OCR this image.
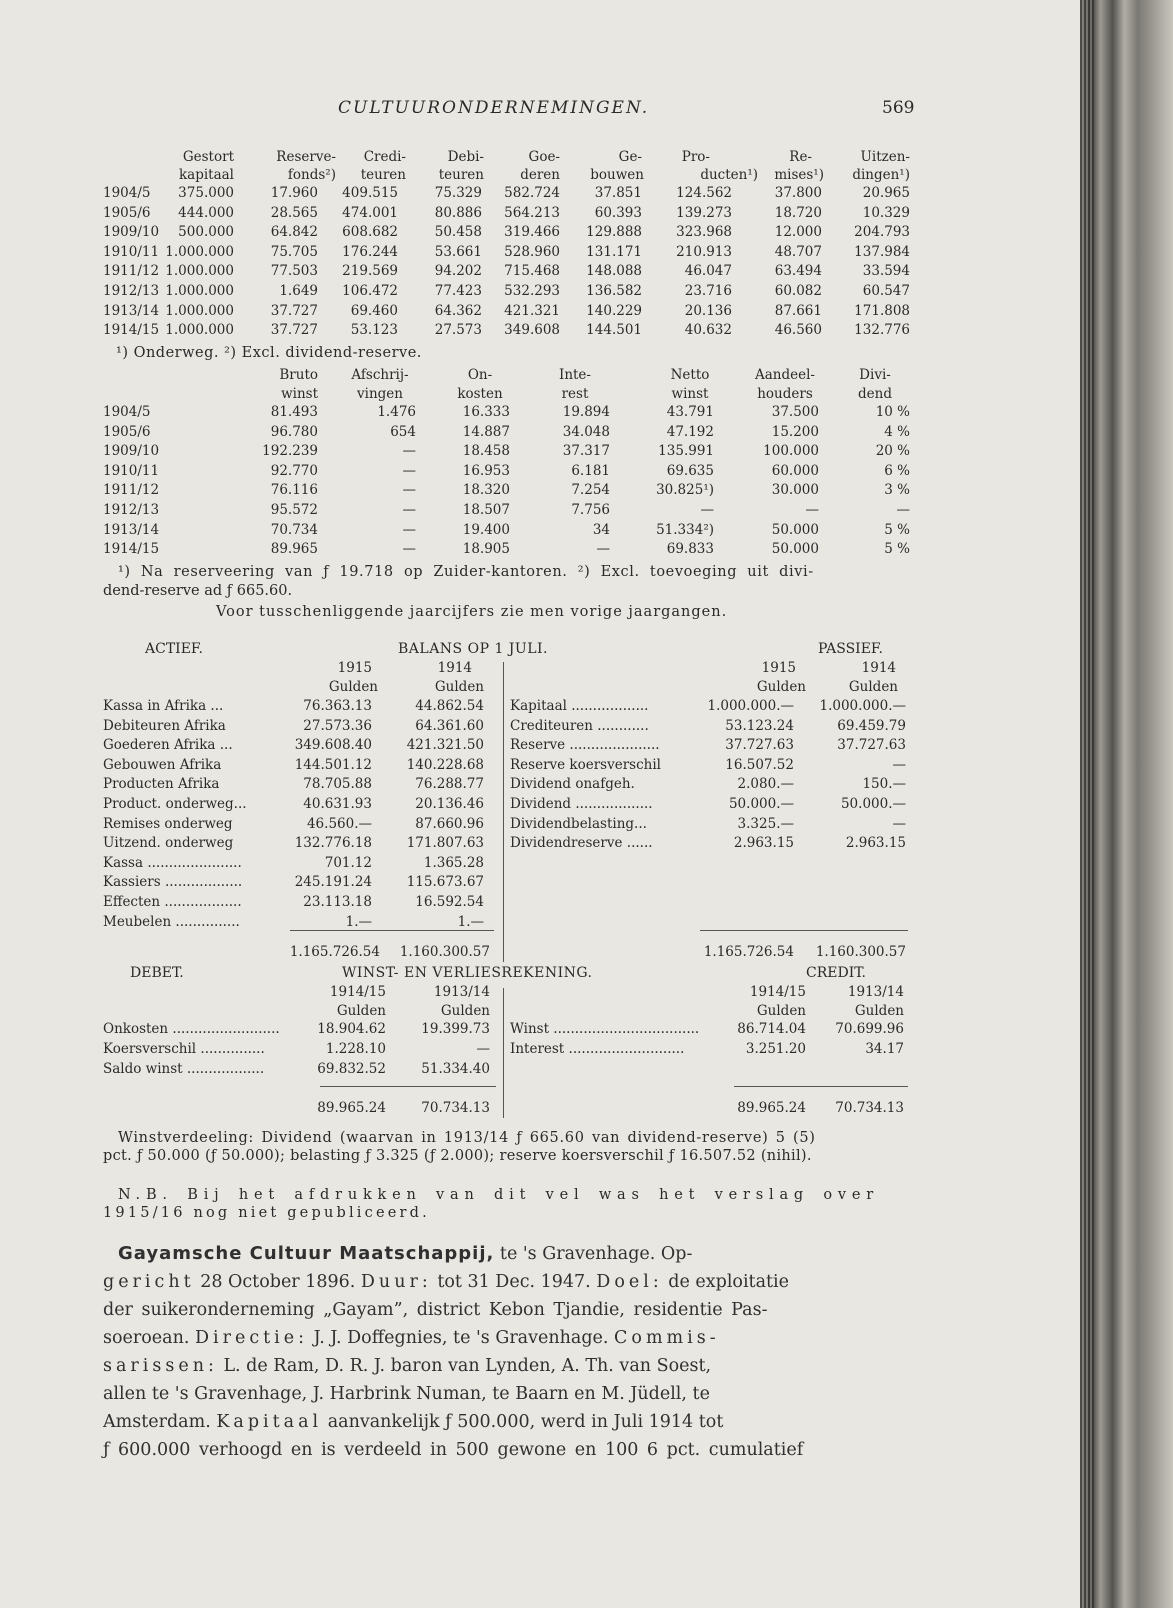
CULTUURONDERNEMINGEN.	569
Gestort	Reserve-	Credi-	Debi-	Goe-	Ge-	Pro-	Re-	Uitzen-
kapitaal	fonds²)	teuren	teuren	deren	bouwen	ducten¹)	mises¹)	dingen¹)
1904/5	375.000	17.960	409.515	75.329	582.724	37.851	124.562	37.800	20.965
1905/6	444.000	28.565	474.001	80.886	564.213	60.393	139.273	18.720	10.329
1909/10	500.000	64.842	608.682	50.458	319.466	129.888	323.968	12.000	204.793
1910/11 1.000.000	75.705	176.244	53.661	528.960	131.171	210.913	48.707	137.984
1911/12 1.000.000	77.503	219.569	94.202	715.468	148.088	46.047	63.494	33.594
1912/13 1.000.000	1.649	106.472	77.423	532.293	136.582	23.716	60.082	60.547
1913/14 1.000.000	37.727	69.460	64.362	421.321	140.229	20.136	87.661	171.808
1914/15 1.000.000	37.727	53.123	27.573	349.608	144.501	40.632	46.560	132.776
¹) Onderweg. ²) Excl. dividend-reserve.
Bruto	Afschrij-	On-	Inte-	Netto	Aandeel-	Divi-
winst	vingen	kosten	rest	winst	houders	dend
1904/5	81.493	1.476	16.333	19.894	43.791	37.500	10 %
1905/6	96.780	654	14.887	34.048	47.192	15.200	4 %
1909/10	192.239	—	18.458	37.317	135.991	100.000	20 %
1910/11	92.770	—	16.953	6.181	69.635	60.000	6 %
1911/12	76.116	—	18.320	7.254	30.825¹)	30.000	3 %
1912/13	95.572	—	18.507	7.756	—	—	—
1913/14	70.734	—	19.400	34	51.334²)	50.000	5 %
1914/15	89.965	—	18.905	—	69.833	50.000	5 %
¹) Na reserveering van ƒ 19.718 op Zuider-kantoren. ²) Excl. toevoeging uit divi-
dend-reserve ad ƒ 665.60.
Voor tusschenliggende jaarcijfers zie men vorige jaargangen.
ACTIEF.	BALANS OP 1 JULI.	PASSIEF.
1915	1914	1915	1914
Gulden	Gulden	Gulden	Gulden
Kassa in Afrika ...	76.363.13	44.862.54
Debiteuren Afrika	27.573.36	64.361.60
Goederen Afrika ...	349.608.40	421.321.50
Gebouwen Afrika	144.501.12	140.228.68
Producten Afrika	78.705.88	76.288.77
Product. onderweg...	40.631.93	20.136.46
Remises onderweg	46.560.—	87.660.96
Uitzend. onderweg	132.776.18	171.807.63
Kassa ......................	701.12	1.365.28
Kassiers ..................	245.191.24	115.673.67
Effecten ..................	23.113.18	16.592.54
Meubelen ...............	1.—	1.—
Kapitaal ..................	1.000.000.—	1.000.000.—
Crediteuren ............	53.123.24	69.459.79
Reserve .....................	37.727.63	37.727.63
Reserve koersverschil	16.507.52	—
Dividend onafgeh.	2.080.—	150.—
Dividend ..................	50.000.—	50.000.—
Dividendbelasting...	3.325.—	—
Dividendreserve ......	2.963.15	2.963.15
1.165.726.54	1.160.300.57	1.165.726.54	1.160.300.57
DEBET.	WINST- EN VERLIESREKENING.	CREDIT.
1914/15	1913/14	1914/15	1913/14
Gulden	Gulden	Gulden	Gulden
Onkosten .........................	18.904.62	19.399.73
Koersverschil ...............	1.228.10	—
Saldo winst ..................	69.832.52	51.334.40
Winst ..................................	86.714.04	70.699.96
Interest ...........................	3.251.20	34.17
89.965.24	70.734.13	89.965.24	70.734.13
Winstverdeeling: Dividend (waarvan in 1913/14 ƒ 665.60 van dividend-reserve) 5 (5)
pct. ƒ 50.000 (ƒ 50.000); belasting ƒ 3.325 (ƒ 2.000); reserve koersverschil ƒ 16.507.52 (nihil).
N.B. Bij het afdrukken van dit vel was het verslag over
1915/16 nog niet gepubliceerd.
Gayamsche Cultuur Maatschappij, te 's Gravenhage. Op-
gericht 28 October 1896. Duur: tot 31 Dec. 1947. Doel: de exploitatie
der suikeronderneming „Gayam”, district Kebon Tjandie, residentie Pas-
soeroean. Directie: J. J. Doffegnies, te 's Gravenhage. Commis-
sarissen: L. de Ram, D. R. J. baron van Lynden, A. Th. van Soest,
allen te 's Gravenhage, J. Harbrink Numan, te Baarn en M. Jüdell, te
Amsterdam. Kapitaal aanvankelijk ƒ 500.000, werd in Juli 1914 tot
ƒ 600.000 verhoogd en is verdeeld in 500 gewone en 100 6 pct. cumulatief
